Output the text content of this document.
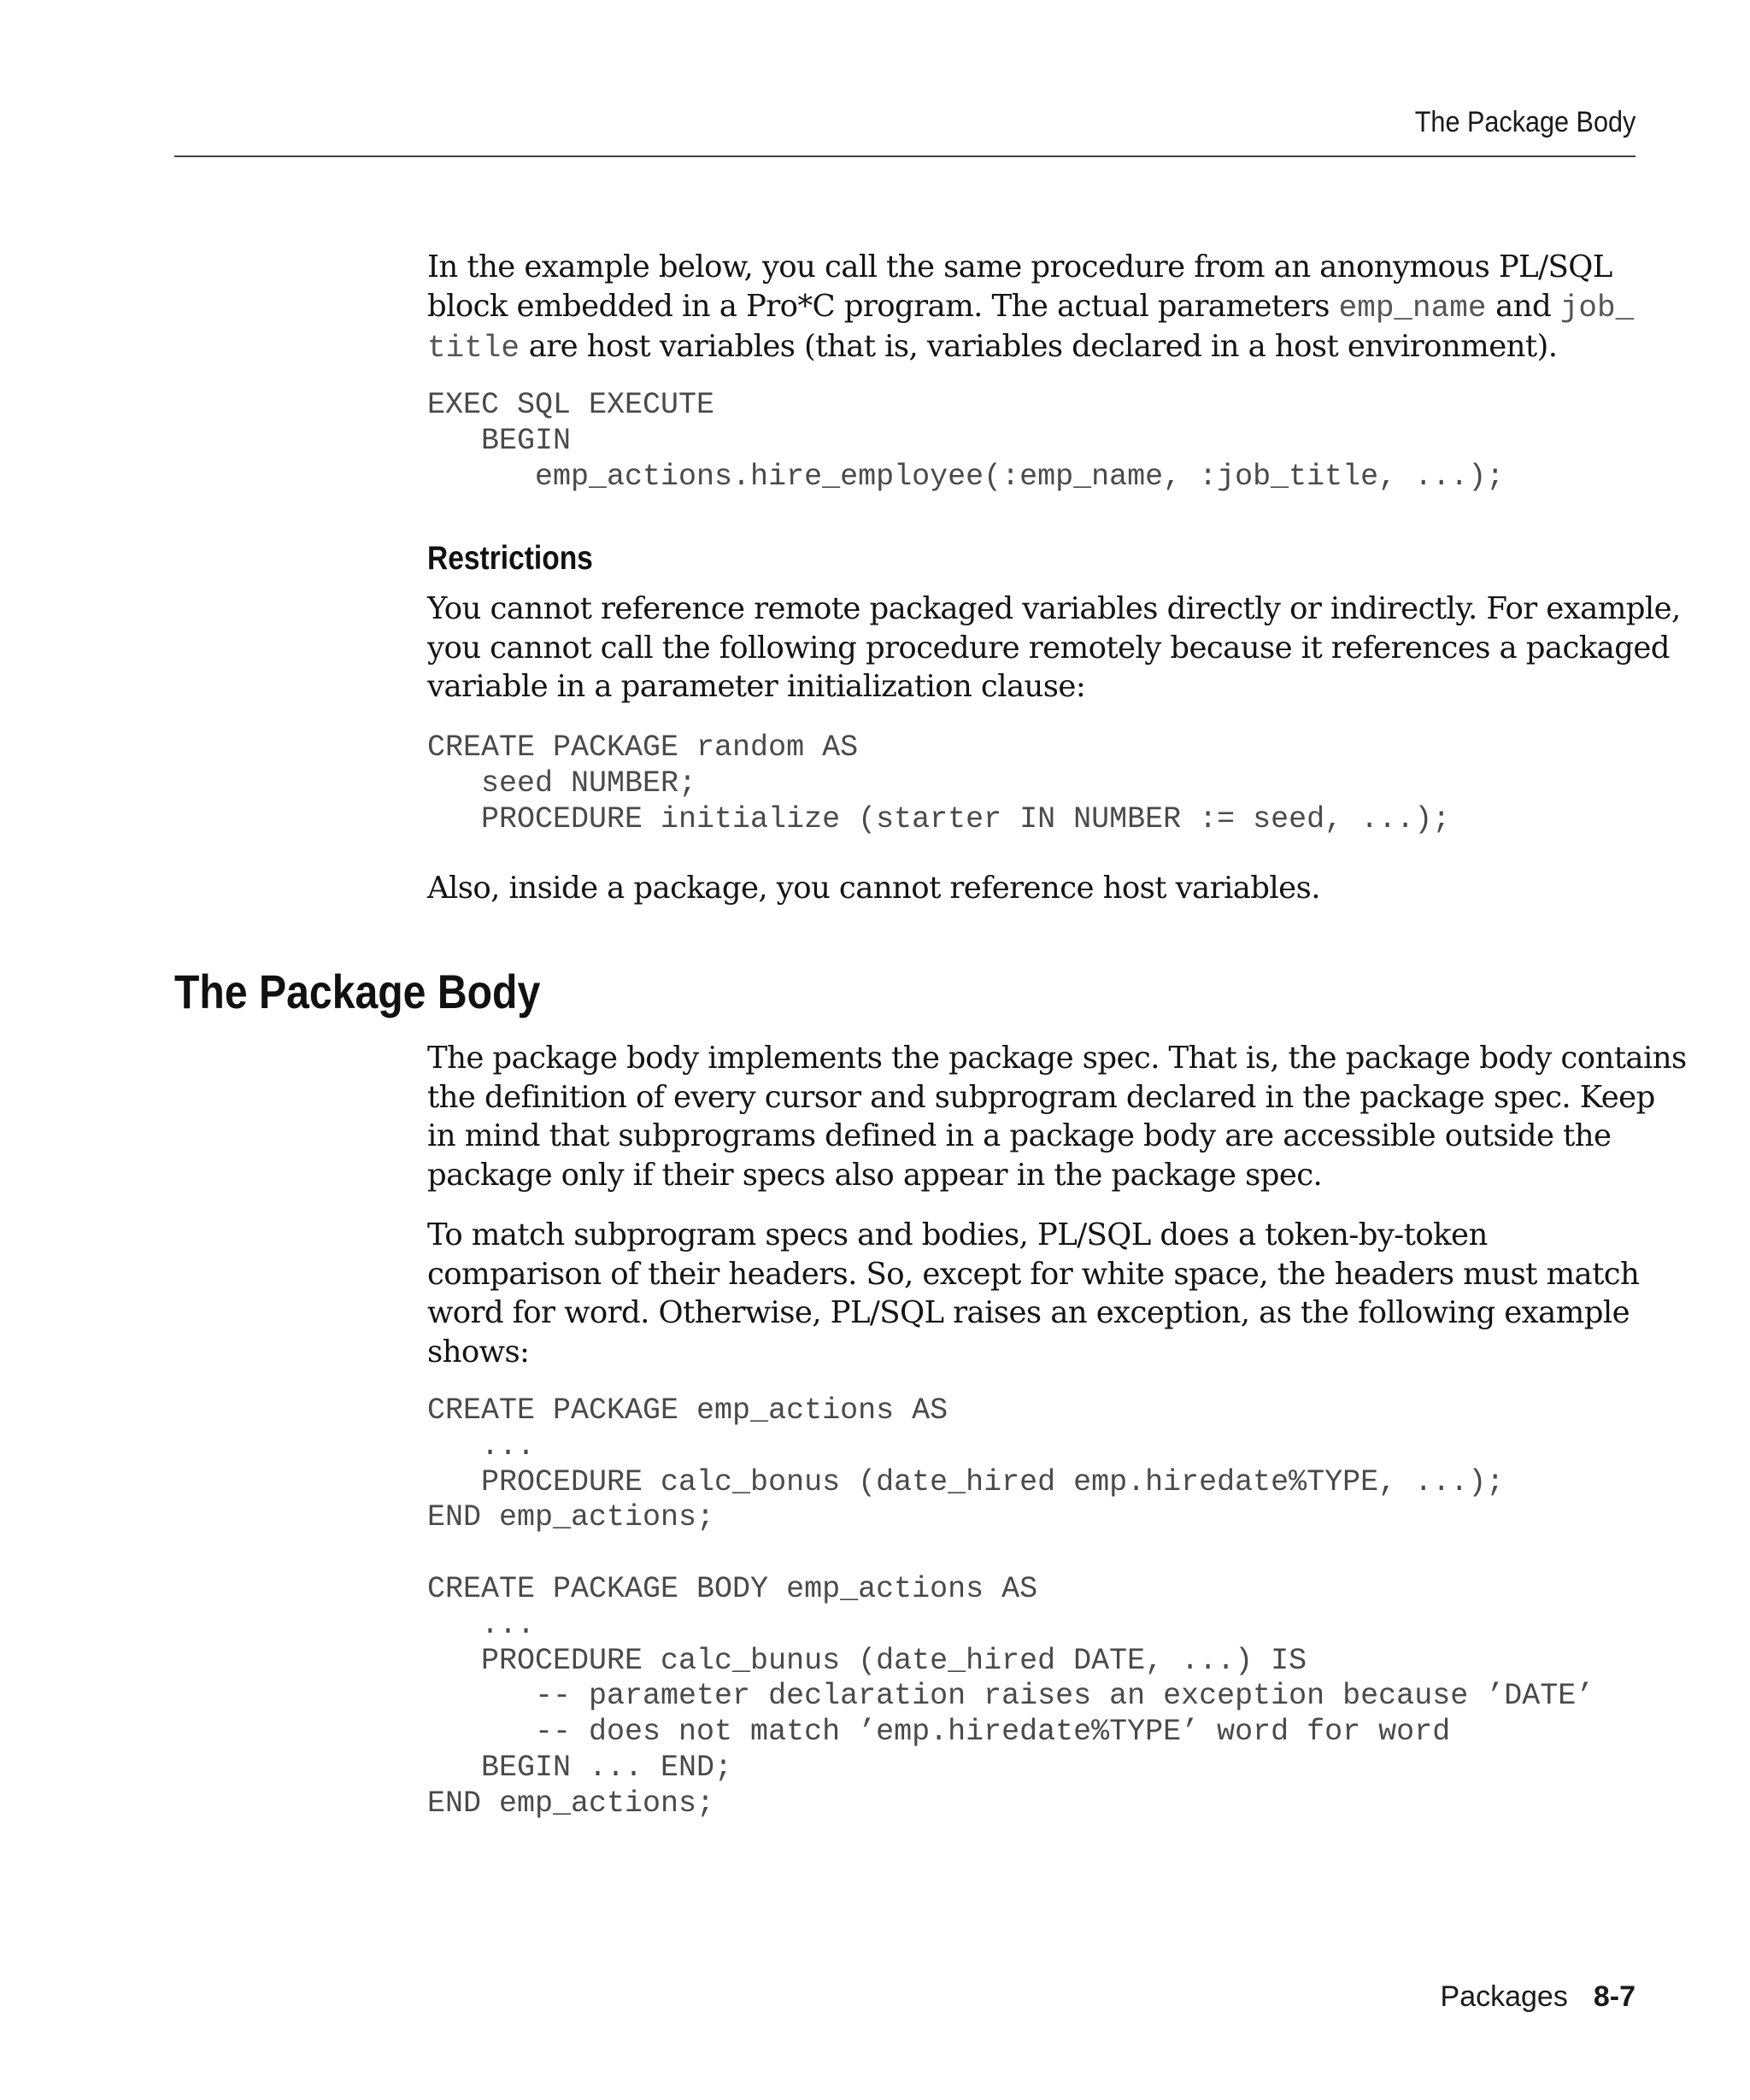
The Package Body

In the example below, you call the same procedure from an anonymous PL/SQL

block embedded in a Pro*C program. The actual parameters emp_name and job_

title are host variables (that is, variables declared in a host environment).

EXEC SQL EXECUTE
BEGIN
emp_actions.hire_employee(:emp_name, :job_title, ...);

Restrictions

You cannot reference remote packaged variables directly or indirectly. For example,

you cannot call the following procedure remotely because it references a packaged

variable in a parameter initialization clause:

CREATE PACKAGE random AS
seed NUMBER;
PROCEDURE initialize (starter IN NUMBER := seed, ...);

Also, inside a package, you cannot reference host variables.

The Package Body

The package body implements the package spec. That is, the package body contains

the definition of every cursor and subprogram declared in the package spec. Keep

in mind that subprograms defined in a package body are accessible outside the

package only if their specs also appear in the package spec.

To match subprogram specs and bodies, PL/SQL does a token-by-token

comparison of their headers. So, except for white space, the headers must match

word for word. Otherwise, PL/SQL raises an exception, as the following example

shows:

CREATE PACKAGE emp_actions AS
...
PROCEDURE calc_bonus (date_hired emp.hiredate%TYPE, ...);
END emp_actions;

CREATE PACKAGE BODY emp_actions AS
...
PROCEDURE calc_bunus (date_hired DATE, ...) IS
-- parameter declaration raises an exception because ’DATE’
-- does not match ’emp.hiredate%TYPE’ word for word
BEGIN ... END;
END emp_actions;
Packages 8-7
